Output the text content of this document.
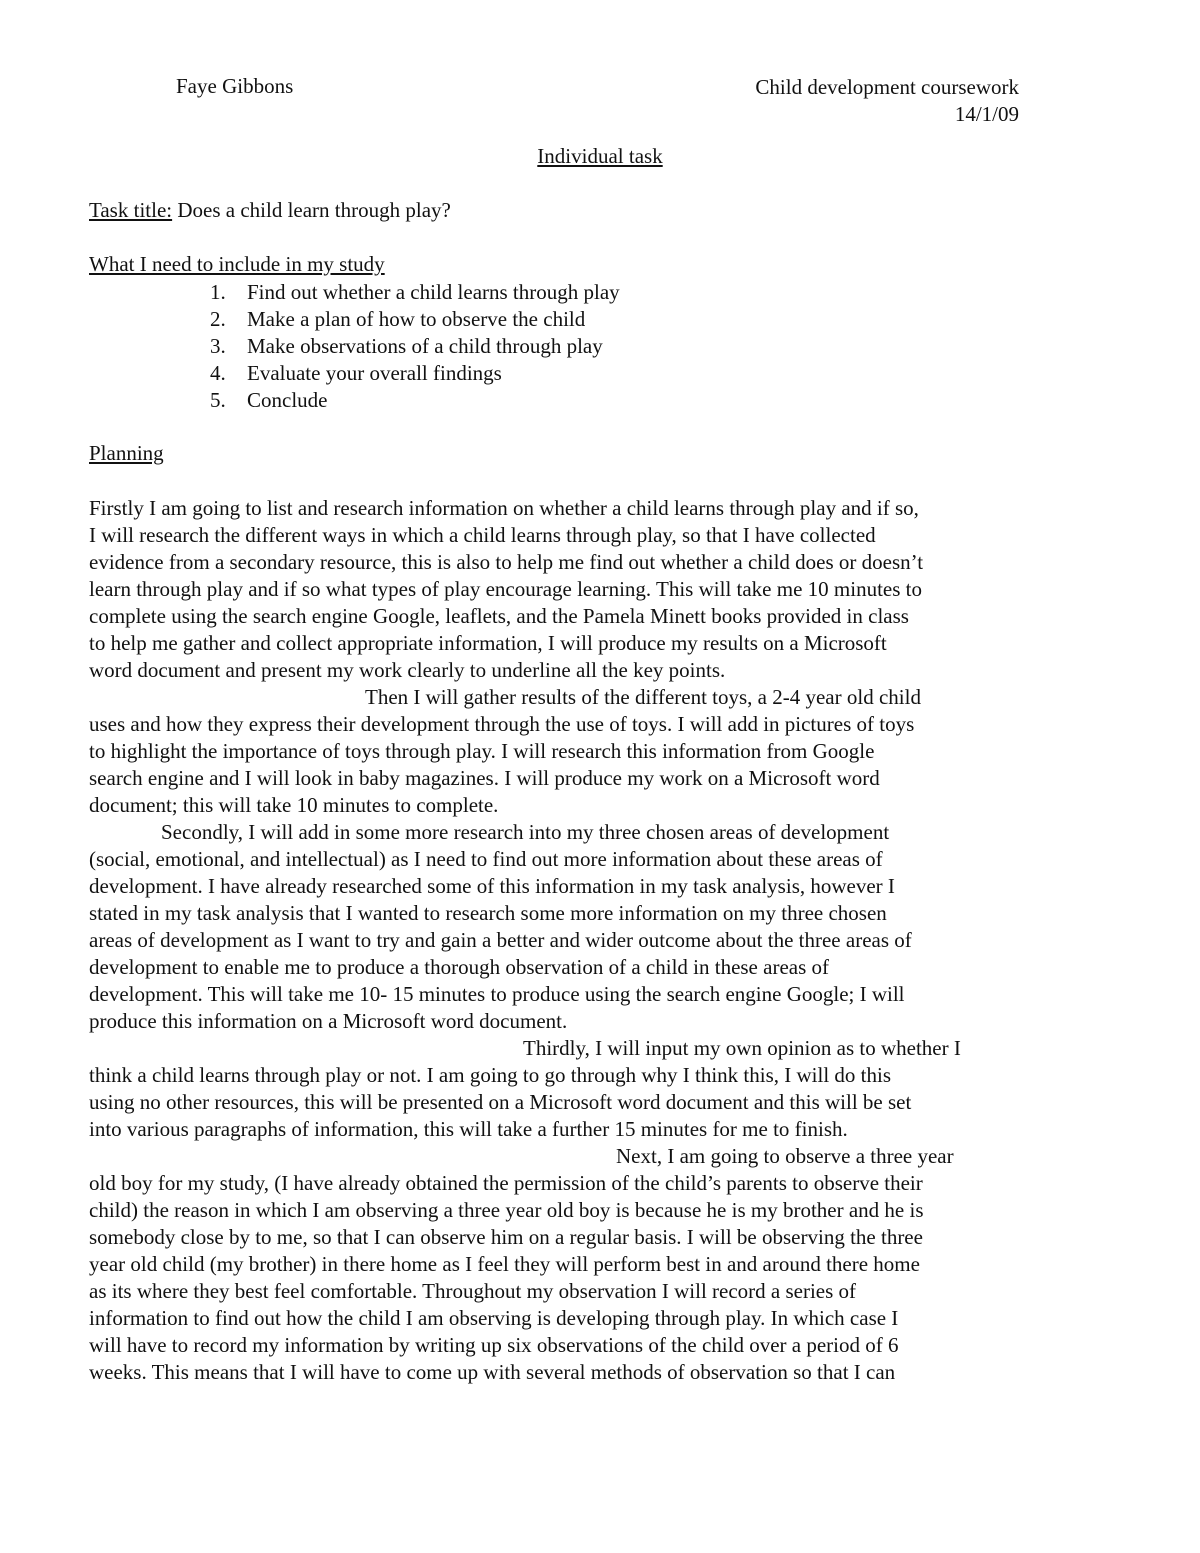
Faye Gibbons	Child development coursework
14/1/09
Individual task
Task title: Does a child learn through play?
What I need to include in my study
1. Find out whether a child learns through play
2. Make a plan of how to observe the child
3. Make observations of a child through play
4. Evaluate your overall findings
5. Conclude
Planning
Firstly I am going to list and research information on whether a child learns through play and if so,
I will research the different ways in which a child learns through play, so that I have collected
evidence from a secondary resource, this is also to help me find out whether a child does or doesn’t
learn through play and if so what types of play encourage learning. This will take me 10 minutes to
complete using the search engine Google, leaflets, and the Pamela Minett books provided in class
to help me gather and collect appropriate information, I will produce my results on a Microsoft
word document and present my work clearly to underline all the key points.
Then I will gather results of the different toys, a 2-4 year old child
uses and how they express their development through the use of toys. I will add in pictures of toys
to highlight the importance of toys through play. I will research this information from Google
search engine and I will look in baby magazines. I will produce my work on a Microsoft word
document; this will take 10 minutes to complete.
Secondly, I will add in some more research into my three chosen areas of development
(social, emotional, and intellectual) as I need to find out more information about these areas of
development. I have already researched some of this information in my task analysis, however I
stated in my task analysis that I wanted to research some more information on my three chosen
areas of development as I want to try and gain a better and wider outcome about the three areas of
development to enable me to produce a thorough observation of a child in these areas of
development. This will take me 10- 15 minutes to produce using the search engine Google; I will
produce this information on a Microsoft word document.
Thirdly, I will input my own opinion as to whether I
think a child learns through play or not. I am going to go through why I think this, I will do this
using no other resources, this will be presented on a Microsoft word document and this will be set
into various paragraphs of information, this will take a further 15 minutes for me to finish.
Next, I am going to observe a three year
old boy for my study, (I have already obtained the permission of the child’s parents to observe their
child) the reason in which I am observing a three year old boy is because he is my brother and he is
somebody close by to me, so that I can observe him on a regular basis. I will be observing the three
year old child (my brother) in there home as I feel they will perform best in and around there home
as its where they best feel comfortable. Throughout my observation I will record a series of
information to find out how the child I am observing is developing through play. In which case I
will have to record my information by writing up six observations of the child over a period of 6
weeks. This means that I will have to come up with several methods of observation so that I can
